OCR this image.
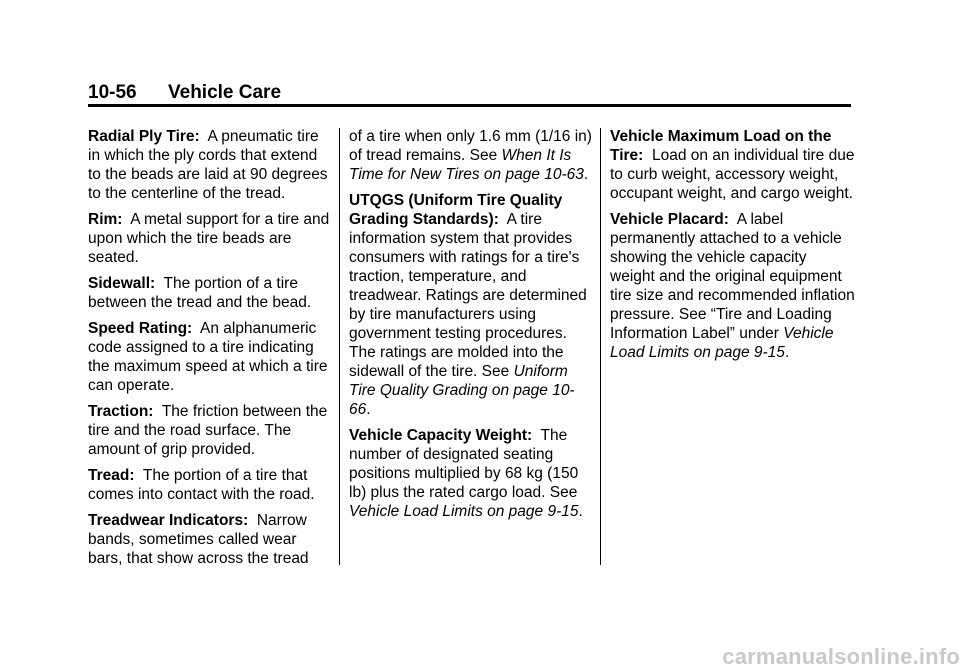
10-56 Vehicle Care

Radial Ply Tire: A pneumatic tire in which the ply cords that extend to the beads are laid at 90 degrees to the centerline of the tread.

Rim: A metal support for a tire and upon which the tire beads are seated.

Sidewall: The portion of a tire between the tread and the bead.

Speed Rating: An alphanumeric code assigned to a tire indicating the maximum speed at which a tire can operate.

Traction: The friction between the tire and the road surface. The amount of grip provided.

Tread: The portion of a tire that comes into contact with the road.

Treadwear Indicators: Narrow bands, sometimes called wear bars, that show across the tread

of a tire when only 1.6 mm (1/16 in) of tread remains. See When It Is Time for New Tires on page 10-63.

UTQGS (Uniform Tire Quality Grading Standards): A tire information system that provides consumers with ratings for a tire's traction, temperature, and treadwear. Ratings are determined by tire manufacturers using government testing procedures. The ratings are molded into the sidewall of the tire. See Uniform Tire Quality Grading on page 10-66.

Vehicle Capacity Weight: The number of designated seating positions multiplied by 68 kg (150 lb) plus the rated cargo load. See Vehicle Load Limits on page 9-15.

Vehicle Maximum Load on the Tire: Load on an individual tire due to curb weight, accessory weight, occupant weight, and cargo weight.

Vehicle Placard: A label permanently attached to a vehicle showing the vehicle capacity weight and the original equipment tire size and recommended inflation pressure. See “Tire and Loading Information Label” under Vehicle Load Limits on page 9-15.

carmanualsonline.info
